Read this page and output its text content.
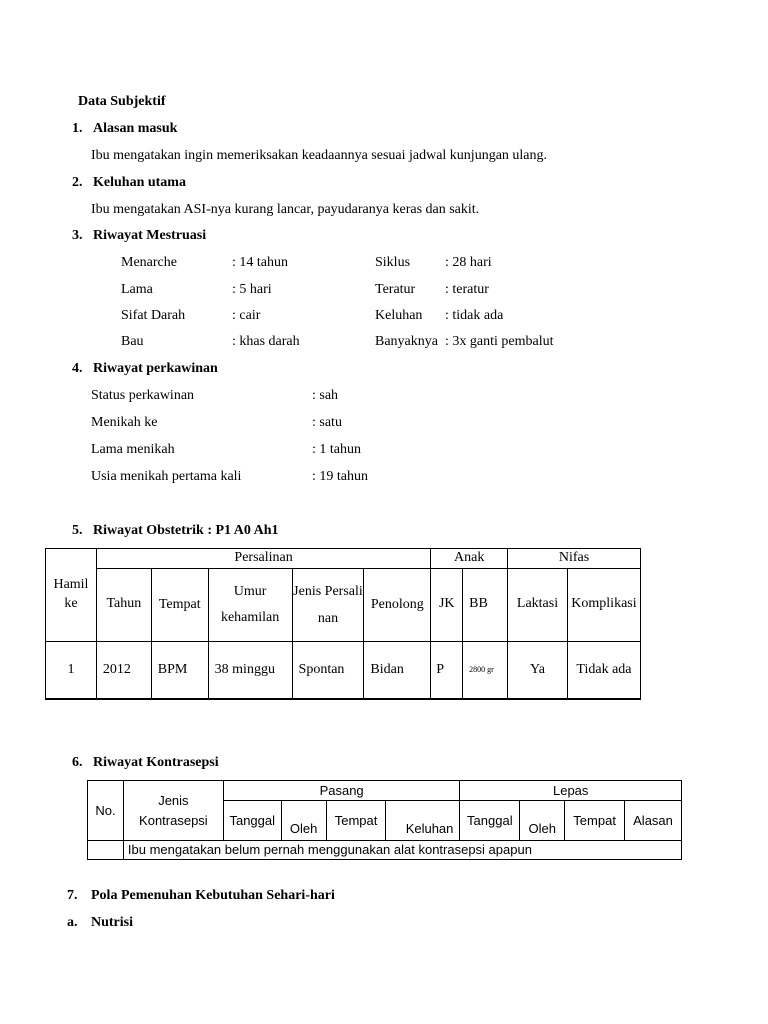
Data Subjektif
1. Alasan masuk
Ibu mengatakan ingin memeriksakan keadaannya sesuai jadwal kunjungan ulang.
2. Keluhan utama
Ibu mengatakan ASI-nya kurang lancar, payudaranya keras dan sakit.
3. Riwayat Mestruasi
Menarche	: 14 tahun	Siklus : 28 hari
Lama	: 5 hari	Teratur : teratur
Sifat Darah	: cair	Keluhan : tidak ada
Bau	: khas darah	Banyaknya : 3x ganti pembalut
4. Riwayat perkawinan
Status perkawinan	: sah
Menikah ke	: satu
Lama menikah	: 1 tahun
Usia menikah pertama kali	: 19 tahun
5. Riwayat Obstetrik : P1 A0 Ah1
Hamil ke	Persalinan					Anak		Nifas	
	Tahun	Tempat	Umur kehamilan	Jenis Persalinan	Penolong	JK	BB	Laktasi	Komplikasi
1	2012	BPM	38 minggu	Spontan	Bidan	P	2800 gr	Ya	Tidak ada
6. Riwayat Kontrasepsi
No.	Jenis Kontrasepsi	Pasang				Lepas			
		Tanggal	Oleh	Tempat	Keluhan	Tanggal	Oleh	Tempat	Alasan
	Ibu mengatakan belum pernah menggunakan alat kontrasepsi apapun								
7. Pola Pemenuhan Kebutuhan Sehari-hari
a. Nutrisi
